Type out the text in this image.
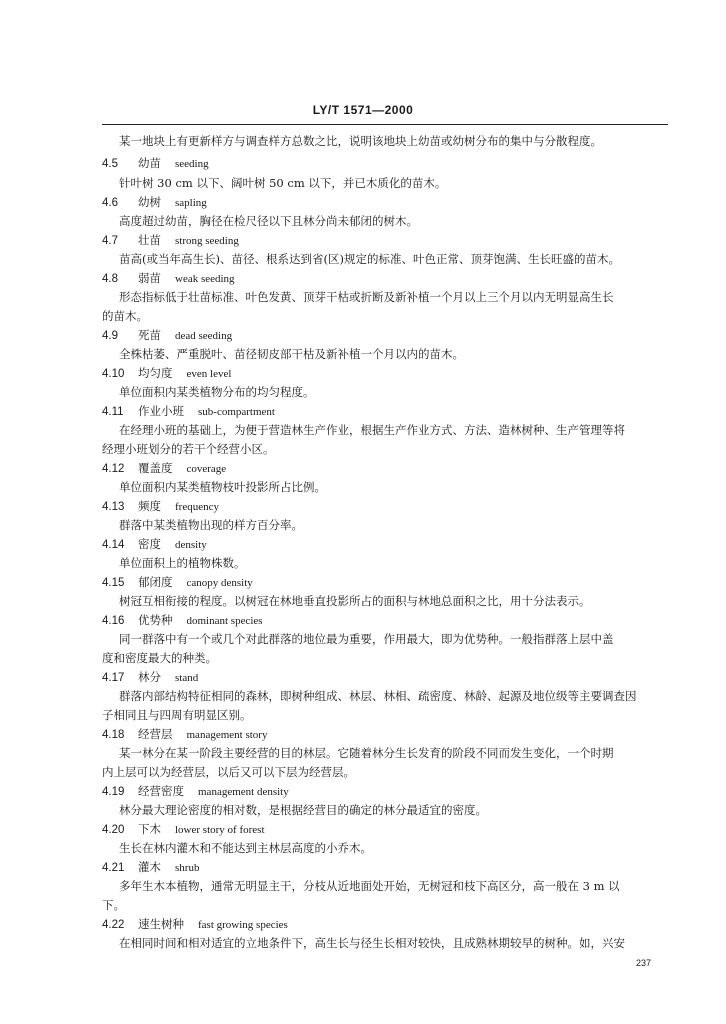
LY/T 1571—2000
某一地块上有更新样方与调查样方总数之比，说明该地块上幼苗或幼树分布的集中与分散程度。
4.5 幼苗 seeding
针叶树 30 cm 以下、阔叶树 50 cm 以下，并已木质化的苗木。
4.6 幼树 sapling
高度超过幼苗，胸径在检尺径以下且林分尚未郁闭的树木。
4.7 壮苗 strong seeding
苗高(或当年高生长)、苗径、根系达到省(区)规定的标准、叶色正常、顶芽饱满、生长旺盛的苗木。
4.8 弱苗 weak seeding
形态指标低于壮苗标准、叶色发黄、顶芽干枯或折断及新补植一个月以上三个月以内无明显高生长
的苗木。
4.9 死苗 dead seeding
全株枯萎、严重脱叶、苗径韧皮部干枯及新补植一个月以内的苗木。
4.10 均匀度 even level
单位面积内某类植物分布的均匀程度。
4.11 作业小班 sub-compartment
在经理小班的基础上，为便于营造林生产作业，根据生产作业方式、方法、造林树种、生产管理等将
经理小班划分的若干个经营小区。
4.12 覆盖度 coverage
单位面积内某类植物枝叶投影所占比例。
4.13 频度 frequency
群落中某类植物出现的样方百分率。
4.14 密度 density
单位面积上的植物株数。
4.15 郁闭度 canopy density
树冠互相衔接的程度。以树冠在林地垂直投影所占的面积与林地总面积之比，用十分法表示。
4.16 优势种 dominant species
同一群落中有一个或几个对此群落的地位最为重要，作用最大，即为优势种。一般指群落上层中盖
度和密度最大的种类。
4.17 林分 stand
群落内部结构特征相同的森林，即树种组成、林层、林相、疏密度、林龄、起源及地位级等主要调查因
子相同且与四周有明显区别。
4.18 经营层 management story
某一林分在某一阶段主要经营的目的林层。它随着林分生长发育的阶段不同而发生变化，一个时期
内上层可以为经营层，以后又可以下层为经营层。
4.19 经营密度 management density
林分最大理论密度的相对数，是根据经营目的确定的林分最适宜的密度。
4.20 下木 lower story of forest
生长在林内灌木和不能达到主林层高度的小乔木。
4.21 灌木 shrub
多年生木本植物，通常无明显主干，分枝从近地面处开始，无树冠和枝下高区分，高一般在 3 m 以
下。
4.22 速生树种 fast growing species
在相同时间和相对适宜的立地条件下，高生长与径生长相对较快，且成熟林期较早的树种。如，兴安
237
